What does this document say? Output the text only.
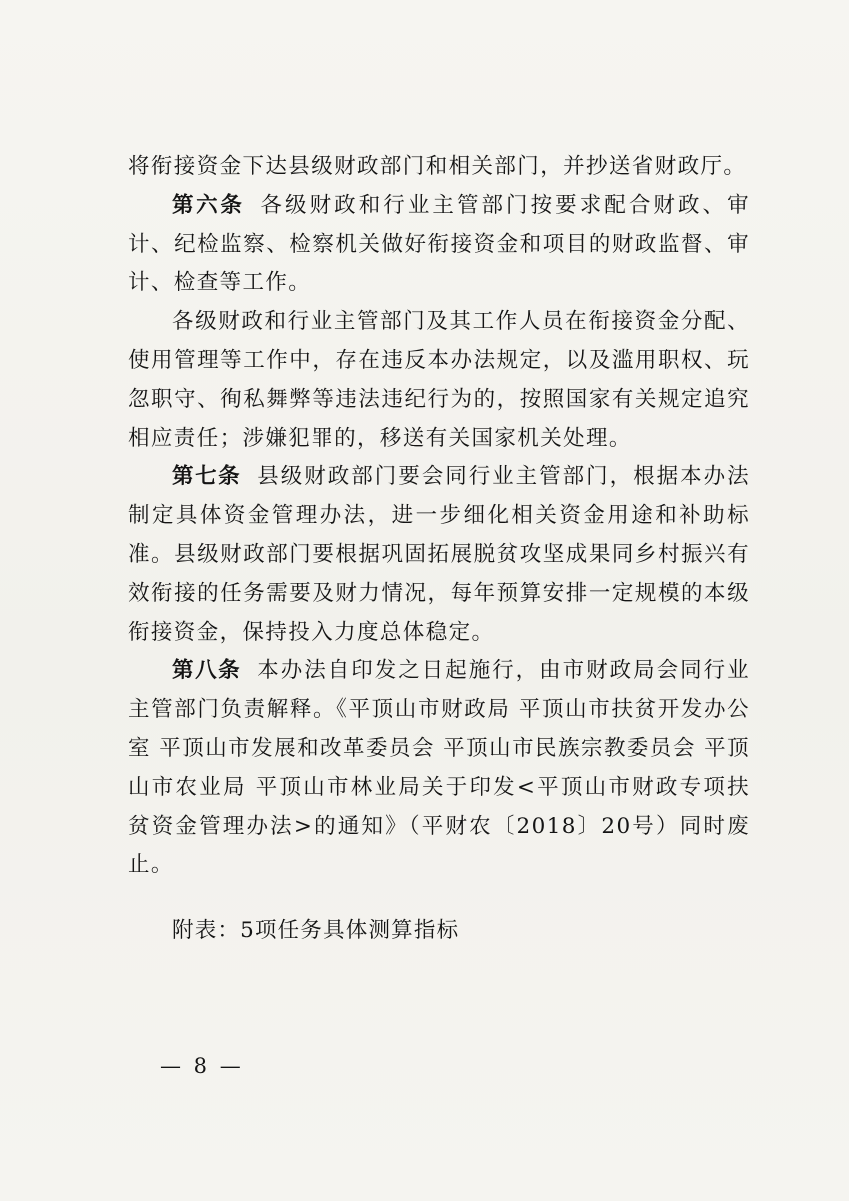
将衔接资金下达县级财政部门和相关部门，并抄送省财政厅。

第六条 各级财政和行业主管部门按要求配合财政、审计、纪检监察、检察机关做好衔接资金和项目的财政监督、审计、检查等工作。

各级财政和行业主管部门及其工作人员在衔接资金分配、使用管理等工作中，存在违反本办法规定，以及滥用职权、玩忽职守、徇私舞弊等违法违纪行为的，按照国家有关规定追究相应责任；涉嫌犯罪的，移送有关国家机关处理。

第七条 县级财政部门要会同行业主管部门，根据本办法制定具体资金管理办法，进一步细化相关资金用途和补助标准。县级财政部门要根据巩固拓展脱贫攻坚成果同乡村振兴有效衔接的任务需要及财力情况，每年预算安排一定规模的本级衔接资金，保持投入力度总体稳定。

第八条 本办法自印发之日起施行，由市财政局会同行业主管部门负责解释。《平顶山市财政局 平顶山市扶贫开发办公室 平顶山市发展和改革委员会 平顶山市民族宗教委员会 平顶山市农业局 平顶山市林业局关于印发<平顶山市财政专项扶贫资金管理办法>的通知》（平财农〔2018〕20号）同时废止。

附表：5项任务具体测算指标

— 8 —
